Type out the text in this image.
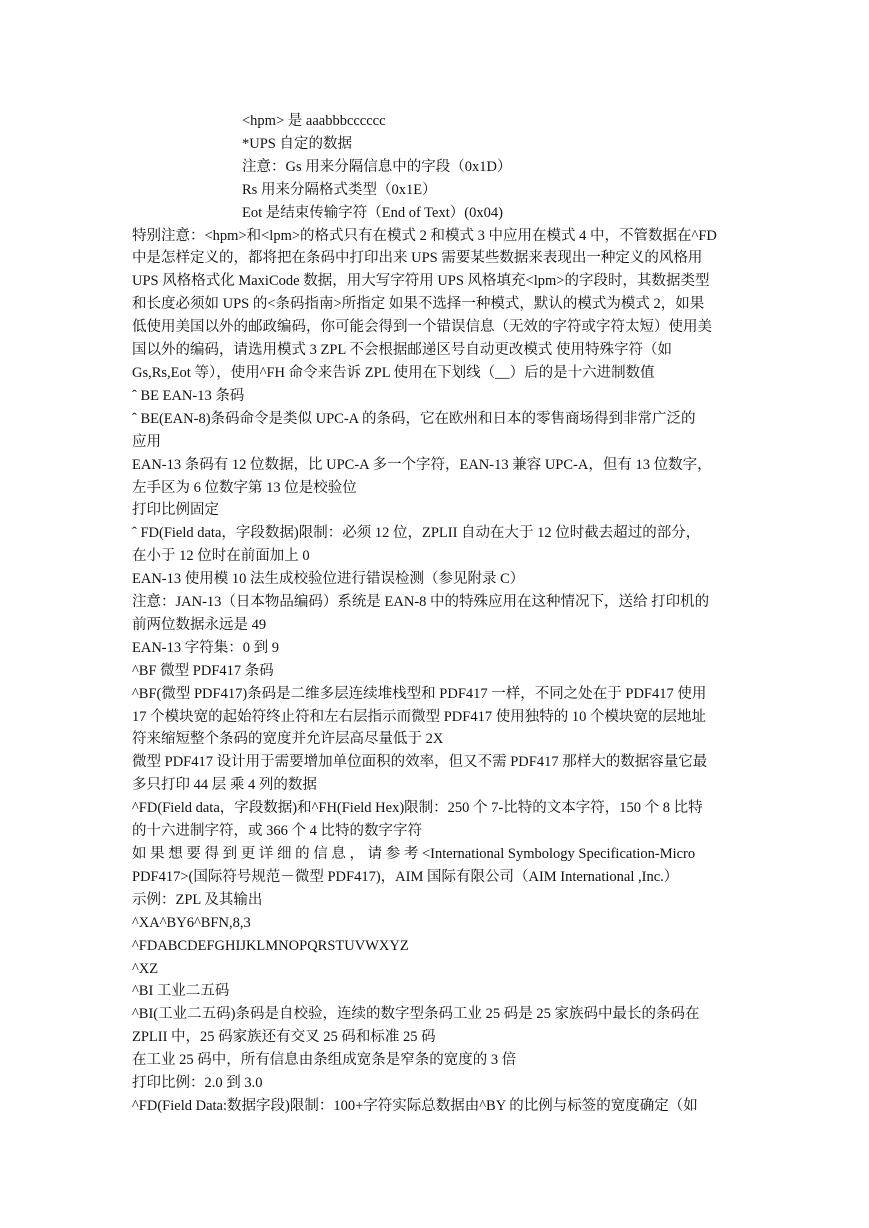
<hpm> 是 aaabbbcccccc
*UPS 自定的数据
注意：Gs 用来分隔信息中的字段（0x1D）
Rs 用来分隔格式类型（0x1E）
Eot 是结束传输字符（End of Text）(0x04)
特别注意：<hpm>和<lpm>的格式只有在模式 2 和模式 3 中应用在模式 4 中，不管数据在^FD
中是怎样定义的，都将把在条码中打印出来 UPS 需要某些数据来表现出一种定义的风格用
UPS 风格格式化 MaxiCode 数据，用大写字符用 UPS 风格填充<lpm>的字段时，其数据类型
和长度必须如 UPS 的<条码指南>所指定 如果不选择一种模式，默认的模式为模式 2，如果
低使用美国以外的邮政编码，你可能会得到一个错误信息（无效的字符或字符太短）使用美
国以外的编码，请选用模式 3 ZPL 不会根据邮递区号自动更改模式 使用特殊字符（如
Gs,Rs,Eot 等），使用^FH 命令来告诉 ZPL 使用在下划线（__）后的是十六进制数值
ˆ BE EAN-13 条码
ˆ BE(EAN-8)条码命令是类似 UPC-A 的条码，它在欧州和日本的零售商场得到非常广泛的
应用
EAN-13 条码有 12 位数据，比 UPC-A 多一个字符，EAN-13 兼容 UPC-A，但有 13 位数字，
左手区为 6 位数字第 13 位是校验位
打印比例固定
ˆ FD(Field data，字段数据)限制：必须 12 位，ZPLII 自动在大于 12 位时截去超过的部分，
在小于 12 位时在前面加上 0
EAN-13 使用模 10 法生成校验位进行错误检测（参见附录 C）
注意：JAN-13（日本物品编码）系统是 EAN-8 中的特殊应用在这种情况下，送给 打印机的
前两位数据永远是 49
EAN-13 字符集：0 到 9
^BF 微型 PDF417 条码
^BF(微型 PDF417)条码是二维多层连续堆栈型和 PDF417 一样，不同之处在于 PDF417 使用
17 个模块宽的起始符终止符和左右层指示而微型 PDF417 使用独特的 10 个模块宽的层地址
符来缩短整个条码的宽度并允许层高尽量低于 2X
微型 PDF417 设计用于需要增加单位面积的效率，但又不需 PDF417 那样大的数据容量它最
多只打印 44 层 乘 4 列的数据
^FD(Field data，字段数据)和^FH(Field Hex)限制：250 个 7-比特的文本字符，150 个 8 比特
的十六进制字符，或 366 个 4 比特的数字字符
如 果 想 要 得 到 更 详 细 的 信 息 ， 请 参 考 <International Symbology Specification-Micro
PDF417>(国际符号规范－微型 PDF417)，AIM 国际有限公司（AIM International ,Inc.）
示例：ZPL 及其输出
^XA^BY6^BFN,8,3
^FDABCDEFGHIJKLMNOPQRSTUVWXYZ
^XZ
^BI 工业二五码
^BI(工业二五码)条码是自校验，连续的数字型条码工业 25 码是 25 家族码中最长的条码在
ZPLII 中，25 码家族还有交叉 25 码和标准 25 码
在工业 25 码中，所有信息由条组成宽条是窄条的宽度的 3 倍
打印比例：2.0 到 3.0
^FD(Field Data:数据字段)限制：100+字符实际总数据由^BY 的比例与标签的宽度确定（如
